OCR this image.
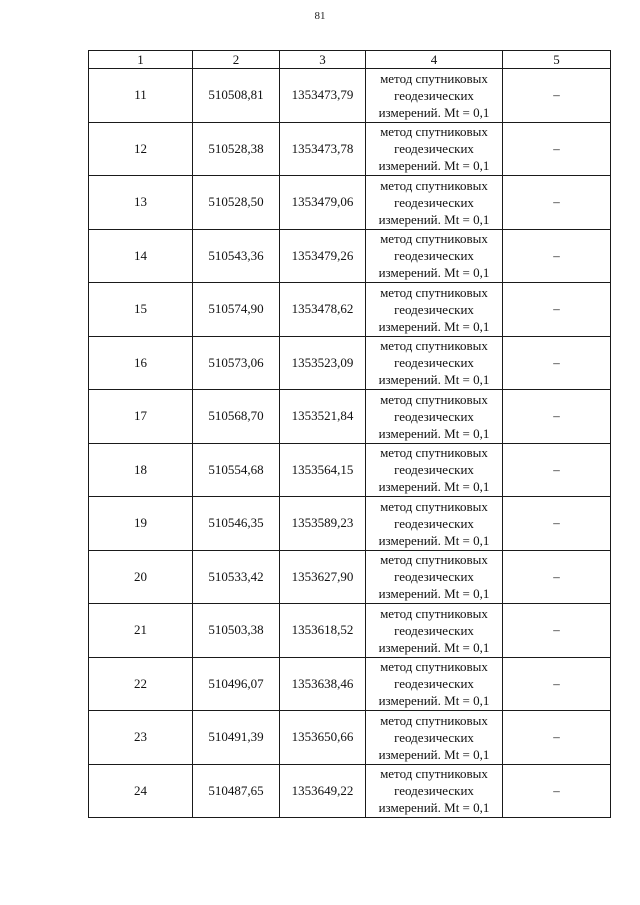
81
1	2	3	4	5
11	510508,81	1353473,79	метод спутниковых
геодезических
измерений. Mt = 0,1	–
12	510528,38	1353473,78	метод спутниковых
геодезических
измерений. Mt = 0,1	–
13	510528,50	1353479,06	метод спутниковых
геодезических
измерений. Mt = 0,1	–
14	510543,36	1353479,26	метод спутниковых
геодезических
измерений. Mt = 0,1	–
15	510574,90	1353478,62	метод спутниковых
геодезических
измерений. Mt = 0,1	–
16	510573,06	1353523,09	метод спутниковых
геодезических
измерений. Mt = 0,1	–
17	510568,70	1353521,84	метод спутниковых
геодезических
измерений. Mt = 0,1	–
18	510554,68	1353564,15	метод спутниковых
геодезических
измерений. Mt = 0,1	–
19	510546,35	1353589,23	метод спутниковых
геодезических
измерений. Mt = 0,1	–
20	510533,42	1353627,90	метод спутниковых
геодезических
измерений. Mt = 0,1	–
21	510503,38	1353618,52	метод спутниковых
геодезических
измерений. Mt = 0,1	–
22	510496,07	1353638,46	метод спутниковых
геодезических
измерений. Mt = 0,1	–
23	510491,39	1353650,66	метод спутниковых
геодезических
измерений. Mt = 0,1	–
24	510487,65	1353649,22	метод спутниковых
геодезических
измерений. Mt = 0,1	–
